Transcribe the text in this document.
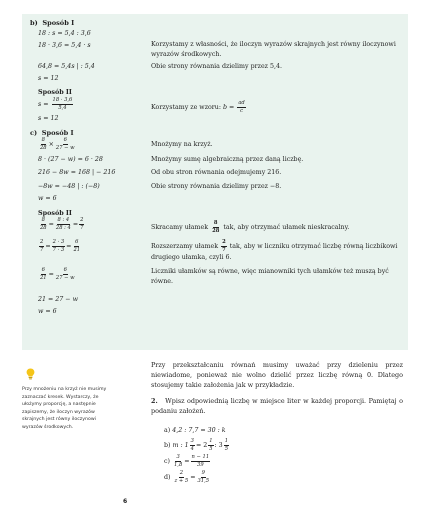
b) Sposób I
18 : s = 5,4 : 3,6
18 · 3,6 = 5,4 · s	Korzystamy z własności, że iloczyn wyrazów skrajnych jest równy iloczynowi wyrazów środkowych.
64,8 = 5,4s | : 5,4	Obie strony równania dzielimy przez 5,4.
s = 12
Sposób II
$s = \frac{18 \cdot 3,6}{5,4}$	Korzystamy ze wzoru: $b = \frac{ad}{c}$
s = 12
c) Sposób I
$\frac{8}{28} \times \frac{6}{27 - w}$	Mnożymy na krzyż.
8 · (27 − w) = 6 · 28	Mnożymy sumę algebraiczną przez daną liczbę.
216 − 8w = 168 | − 216	Od obu stron równania odejmujemy 216.
−8w = −48 | : (−8)	Obie strony równania dzielimy przez −8.
w = 6
Sposób II
$\frac{8}{28} = \frac{8 : 4}{28 : 4} = \frac{2}{7}$	Skracamy ułamek $\frac{8}{28}$ tak, aby otrzymać ułamek nieskracalny.
$\frac{2}{7} = \frac{2 \cdot 3}{7 \cdot 3} = \frac{6}{21}$	Rozszerzamy ułamek $\frac{2}{7}$ tak, aby w liczniku otrzymać liczbę równą liczbikowi drugiego ułamka, czyli 6.
$\frac{6}{21} = \frac{6}{27 - w}$	Liczniki ułamków są równe, więc mianowniki tych ułamków też muszą być równe.
21 = 27 − w
w = 6
Przy mnożeniu na krzyż nie musimy zaznaczać kresek. Wystarczy, że ułożymy proporcję, a następnie zapiszemy, że iloczyn wyrazów skrajnych jest równy iloczynowi wyrazów środkowych.
Przy przekształcaniu równań musimy uważać przy dzieleniu przez niewiadome, ponieważ nie wolno dzielić przez liczbę równą 0. Dlatego stosujemy takie założenia jak w przykładzie.
2. Wpisz odpowiednią liczbę w miejsce liter w każdej proporcji. Pamiętaj o podaniu założeń.
a) 4,2 : 7,7 = 30 : k
b) m : $1 \frac{3}{4} = 2 \frac{1}{5}$ : $3 \frac{1}{5}$
$c) \frac{3}{1,8} = \frac{n - 11}{39}$
$d) \frac{2}{z + 5} = \frac{9}{31,5}$
6
